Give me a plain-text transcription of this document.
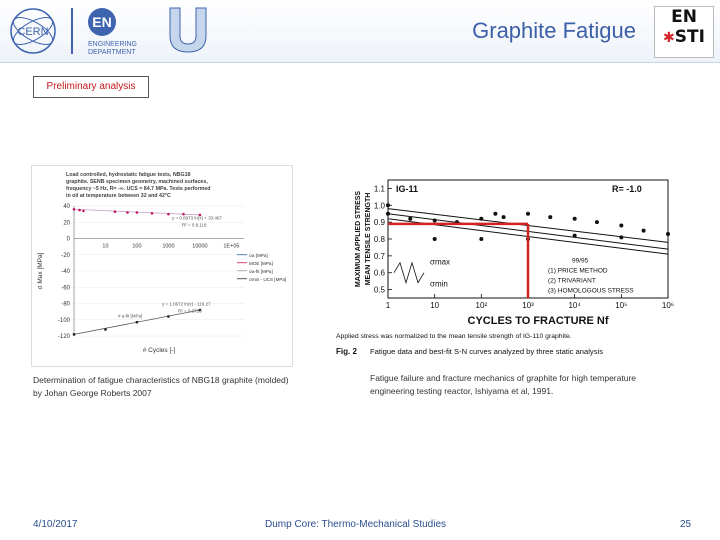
CERN
EN
ENGINEERING
DEPARTMENT
Graphite Fatigue
EN
✱STI
Preliminary analysis
Load controlled, hydrostatic fatigue tests, NBG18
graphite. SENB specimen geometry, machined surfaces,
frequency ~5 Hz, R= -∞. UCS = 84.7 MPa. Tests performed
in oil at temperature between 32 and 42°C
40
20
0
-20
-40
-60
-80
-100
-120
10	100	1000	10000	1E+05
σ Max [MPa]
# Cycles [-]
y = 0.8973 ln(x) + 33.467
R² = 0.8,118
y = 1.0672 ln(x) - 116.27
R² = 0.3718
# a-fit [MPa]
σa [MPa]
MOE [MPa]
σa-fit [MPa]
σmin - UCS [MPa]
Determination of fatigue characteristics of NBG18 graphite (molded) by Johan George Roberts 2007
1.1
1.0
0.9
0.8
0.7
0.6
0.5
1	10	10²	10³	10⁴	10⁵	10⁶
IG-11	R= -1.0
MAXIMUM APPLIED STRESS MEAN TENSILE STRENGTH
CYCLES TO FRACTURE Nf
σmax
σmin
99/95
(1) PRICE METHOD
(2) TRIVARIANT
(3) HOMOLOGOUS STRESS
Applied stress was normalized to the mean tensile strength of IG-110 graphite.
Fig. 2 Fatigue data and best-fit S-N curves analyzed by three static analysis
Fatigue failure and fracture mechanics of graphite for high temperature engineering testing reactor, Ishiyama et al, 1991.
4/10/2017	Dump Core: Thermo-Mechanical Studies	25
